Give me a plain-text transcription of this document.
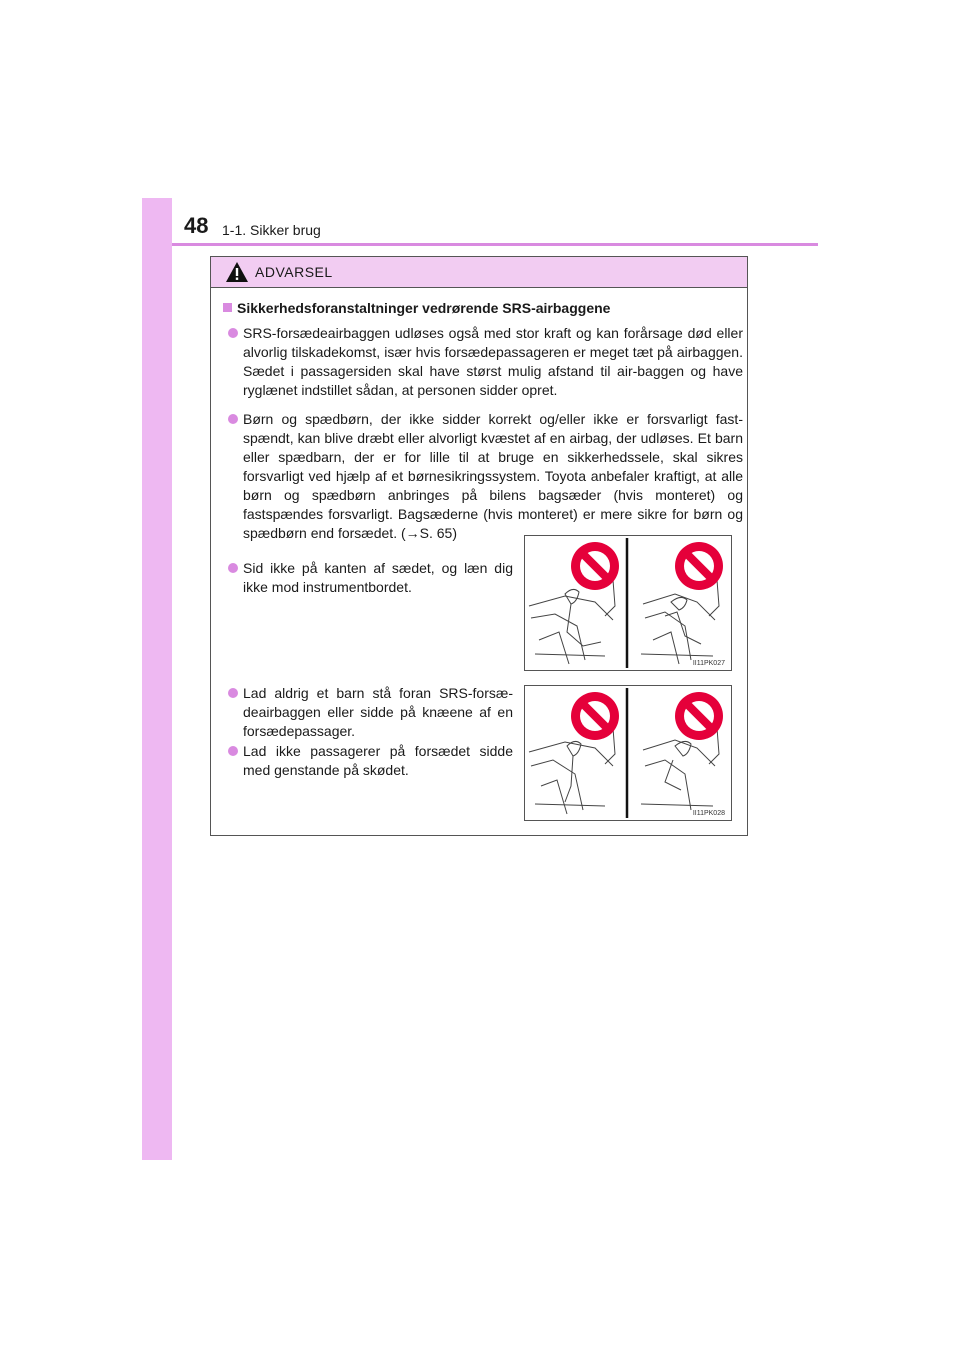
48 1-1. Sikker brug
ADVARSEL
Sikkerhedsforanstaltninger vedrørende SRS-airbaggene
SRS-forsædeairbaggen udløses også med stor kraft og kan forårsage død eller alvorlig tilskadekomst, især hvis forsædepassageren er meget tæt på airbaggen. Sædet i passagersiden skal have størst mulig afstand til air-baggen og have ryglænet indstillet sådan, at personen sidder opret.
Børn og spædbørn, der ikke sidder korrekt og/eller ikke er forsvarligt fast-spændt, kan blive dræbt eller alvorligt kvæstet af en airbag, der udløses. Et barn eller spædbarn, der er for lille til at bruge en sikkerhedssele, skal sikres forsvarligt ved hjælp af et børnesikringssystem. Toyota anbefaler kraftigt, at alle børn og spædbørn anbringes på bilens bagsæder (hvis monteret) og fastspændes forsvarligt. Bagsæderne (hvis monteret) er mere sikre for børn og spædbørn end forsædet. (→S. 65)
Sid ikke på kanten af sædet, og læn dig ikke mod instrumentbordet.
II11PK027
Lad aldrig et barn stå foran SRS-forsæ-deairbaggen eller sidde på knæene af en forsædepassager.
Lad ikke passagerer på forsædet sidde med genstande på skødet.
II11PK028
